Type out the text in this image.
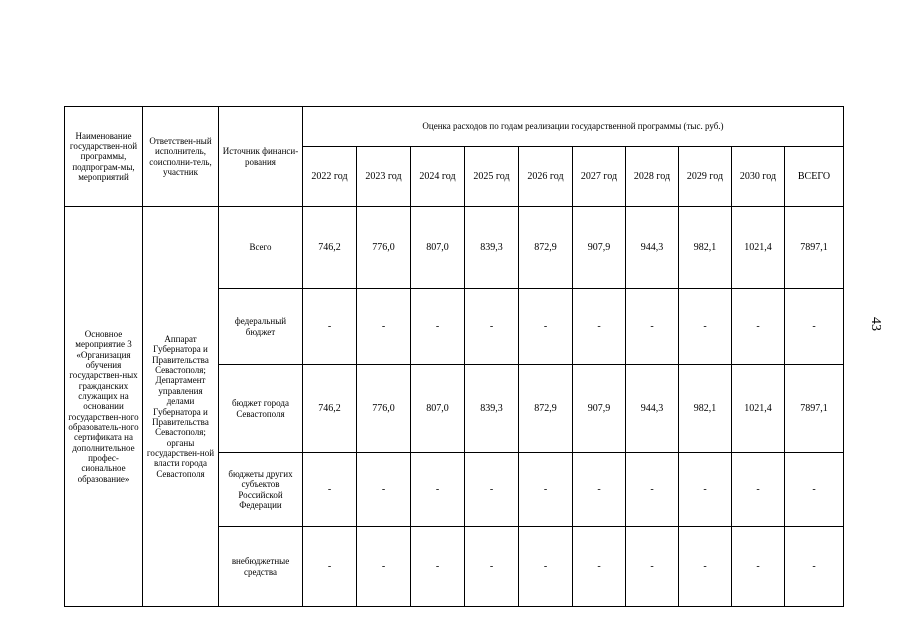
Наименование государствен-ной программы, подпрограм-мы, мероприятий	Ответствен-ный исполнитель, соисполни-тель, участник	Источник финанси-рования	Оценка расходов по годам реализации государственной программы (тыс. руб.)									
			2022 год	2023 год	2024 год	2025 год	2026 год	2027 год	2028 год	2029 год	2030 год	ВСЕГО
Основное мероприятие 3 «Организация обучения государствен-ных гражданских служащих на основании государствен-ного образователь-ного сертификата на дополнительное профес-сиональное образование»	Аппарат Губернатора и Правительства Севастополя; Департамент управления делами Губернатора и Правительства Севастополя; органы государствен-ной власти города Севастополя	Всего	746,2	776,0	807,0	839,3	872,9	907,9	944,3	982,1	1021,4	7897,1
		федеральный бюджет	-	-	-	-	-	-	-	-	-	-
		бюджет города Севастополя	746,2	776,0	807,0	839,3	872,9	907,9	944,3	982,1	1021,4	7897,1
		бюджеты других субъектов Российской Федерации	-	-	-	-	-	-	-	-	-	-
		внебюджетные средства	-	-	-	-	-	-	-	-	-	-
43
